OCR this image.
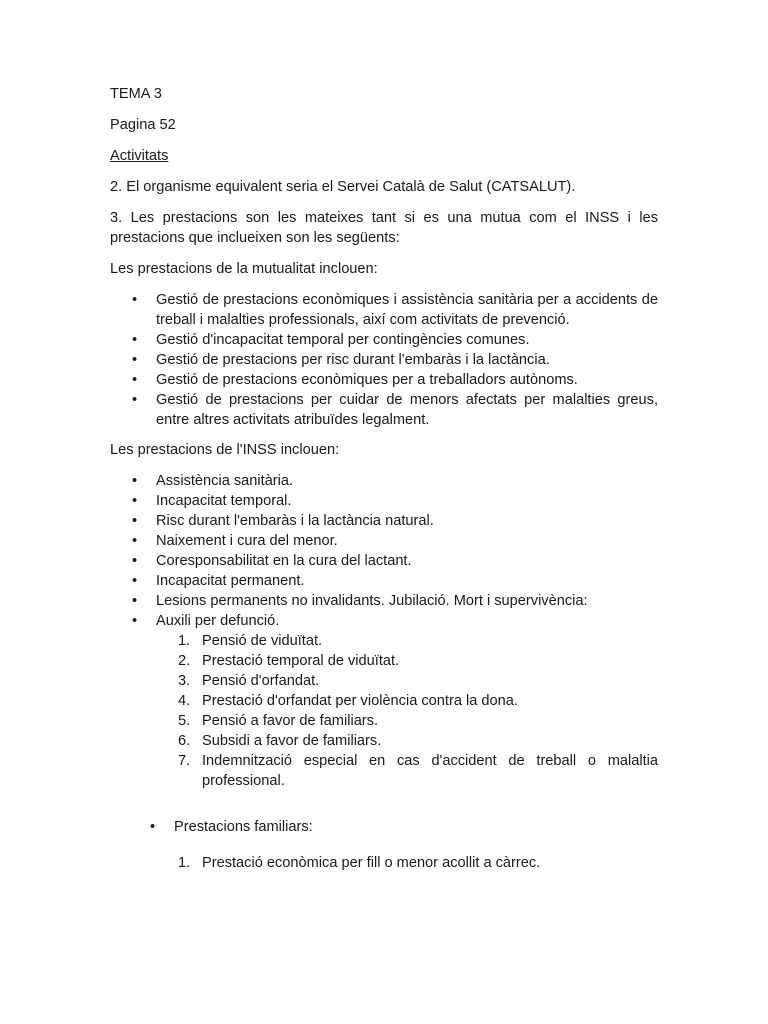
TEMA 3

Pagina 52

Activitats

2. El organisme equivalent seria el Servei Català de Salut (CATSALUT).

3. Les prestacions son les mateixes tant si es una mutua com el INSS i les prestacions que inclueixen son les següents:

Les prestacions de la mutualitat inclouen:

• Gestió de prestacions econòmiques i assistència sanitària per a accidents de treball i malalties professionals, així com activitats de prevenció.
• Gestió d'incapacitat temporal per contingències comunes.
• Gestió de prestacions per risc durant l'embaràs i la lactància.
• Gestió de prestacions econòmiques per a treballadors autònoms.
• Gestió de prestacions per cuidar de menors afectats per malalties greus, entre altres activitats atribuïdes legalment.

Les prestacions de l'INSS inclouen:

• Assistència sanitària.
• Incapacitat temporal.
• Risc durant l'embaràs i la lactància natural.
• Naixement i cura del menor.
• Coresponsabilitat en la cura del lactant.
• Incapacitat permanent.
• Lesions permanents no invalidants. Jubilació. Mort i supervivència:
• Auxili per defunció.
1. Pensió de viduïtat.
2. Prestació temporal de viduïtat.
3. Pensió d'orfandat.
4. Prestació d'orfandat per violència contra la dona.
5. Pensió a favor de familiars.
6. Subsidi a favor de familiars.
7. Indemnització especial en cas d'accident de treball o malaltia professional.
• Prestacions familiars:
1. Prestació econòmica per fill o menor acollit a càrrec.
